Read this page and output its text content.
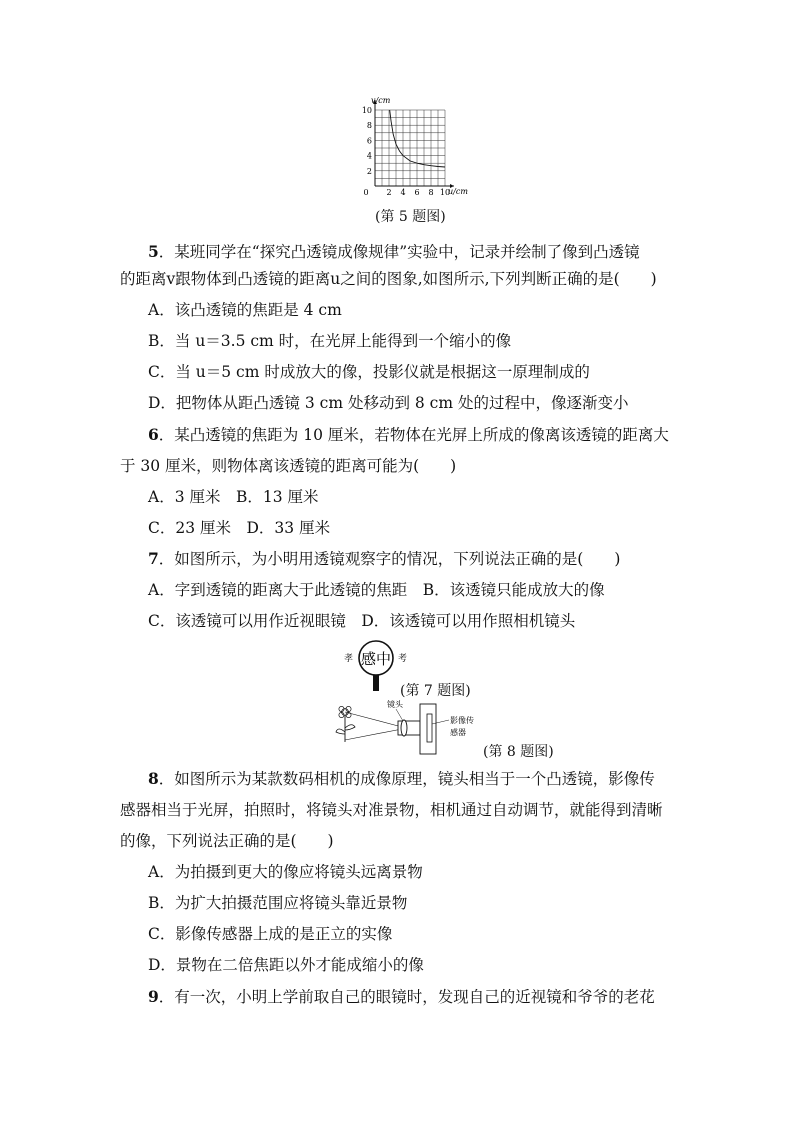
0 2 4 6 8 10
2
4
6
8
10
v/cm
u/cm
(第 5 题图)
5．某班同学在“探究凸透镜成像规律”实验中，记录并绘制了像到凸透镜
的距离v跟物体到凸透镜的距离u之间的图象,如图所示,下列判断正确的是(　　)
A．该凸透镜的焦距是 4 cm
B．当 u＝3.5 cm 时，在光屏上能得到一个缩小的像
C．当 u＝5 cm 时成放大的像，投影仪就是根据这一原理制成的
D．把物体从距凸透镜 3 cm 处移动到 8 cm 处的过程中，像逐渐变小
6．某凸透镜的焦距为 10 厘米，若物体在光屏上所成的像离该透镜的距离大
于 30 厘米，则物体离该透镜的距离可能为(　　)
A．3 厘米　B．13 厘米
C．23 厘米　D．33 厘米
7．如图所示，为小明用透镜观察字的情况，下列说法正确的是(　　)
A．字到透镜的距离大于此透镜的焦距　B．该透镜只能成放大的像
C．该透镜可以用作近视眼镜　D．该透镜可以用作照相机镜头
孝 感中 考
(第 7 题图)
镜头
影像传
感器
(第 8 题图)
8．如图所示为某款数码相机的成像原理，镜头相当于一个凸透镜，影像传
感器相当于光屏，拍照时，将镜头对准景物，相机通过自动调节，就能得到清晰
的像，下列说法正确的是(　　)
A．为拍摄到更大的像应将镜头远离景物
B．为扩大拍摄范围应将镜头靠近景物
C．影像传感器上成的是正立的实像
D．景物在二倍焦距以外才能成缩小的像
9．有一次，小明上学前取自己的眼镜时，发现自己的近视镜和爷爷的老花
